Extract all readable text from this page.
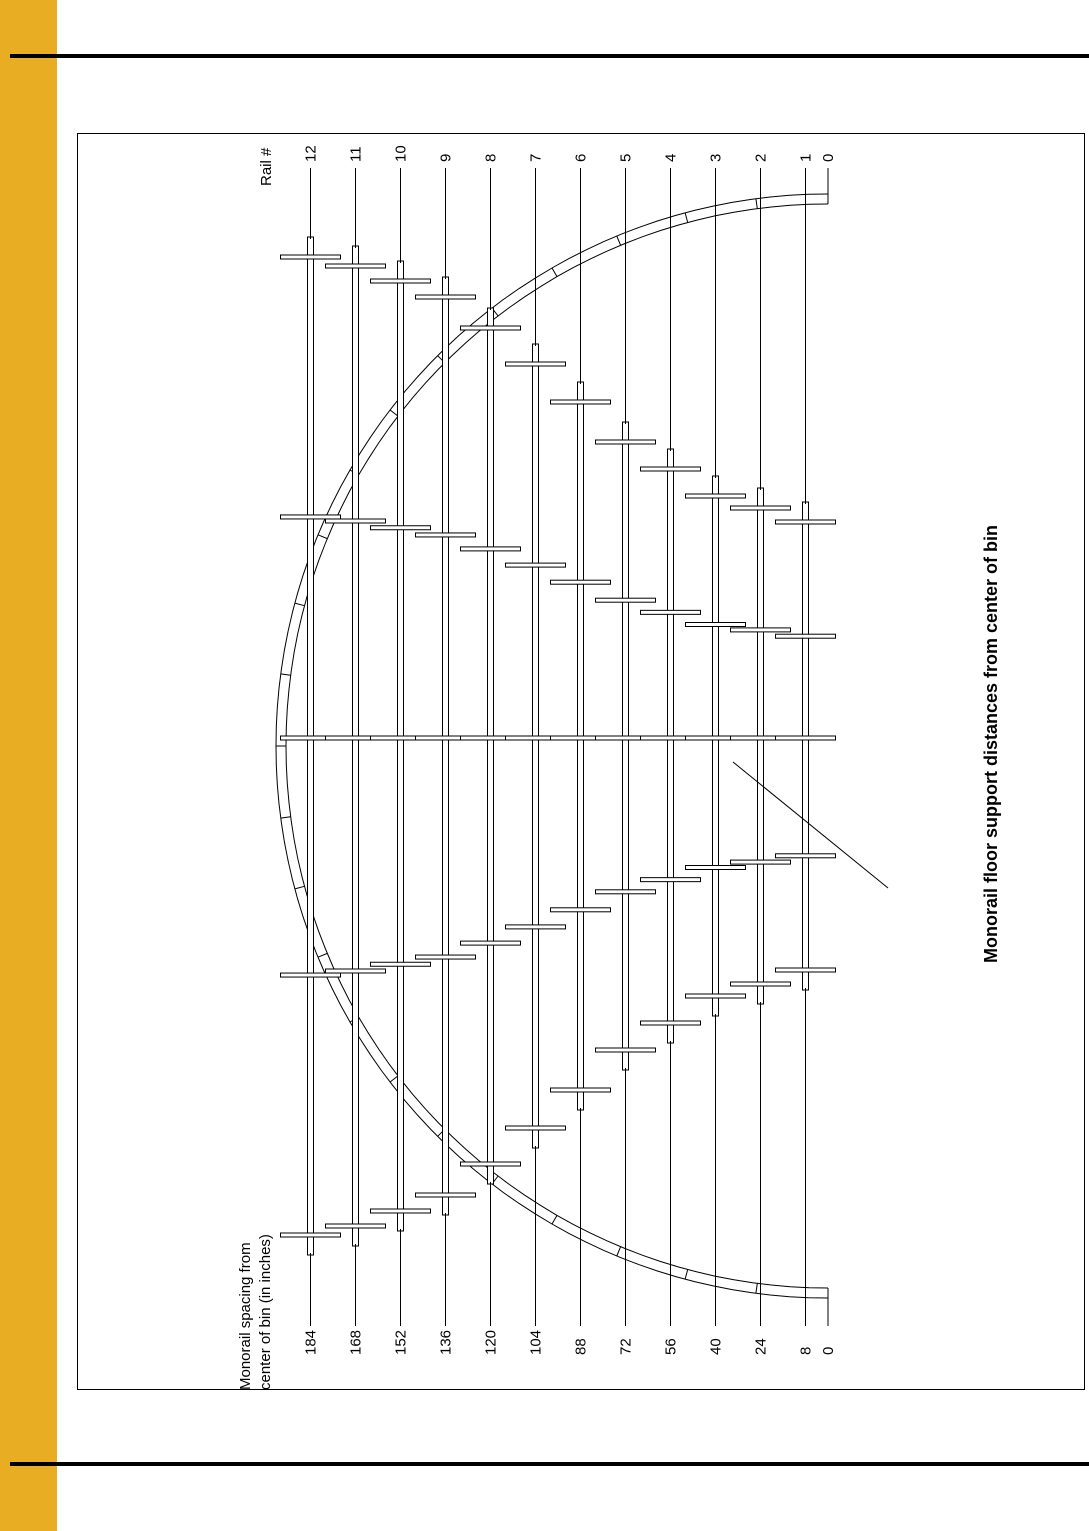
12
184
11
168
10
152
9
136
8
120
7
104
6
88
5
72
4
56
3
40
2
24
1
8
0
0
Monorail spacing from center of bin (in inches)
Rail #
Monorail floor support distances from center of bin
